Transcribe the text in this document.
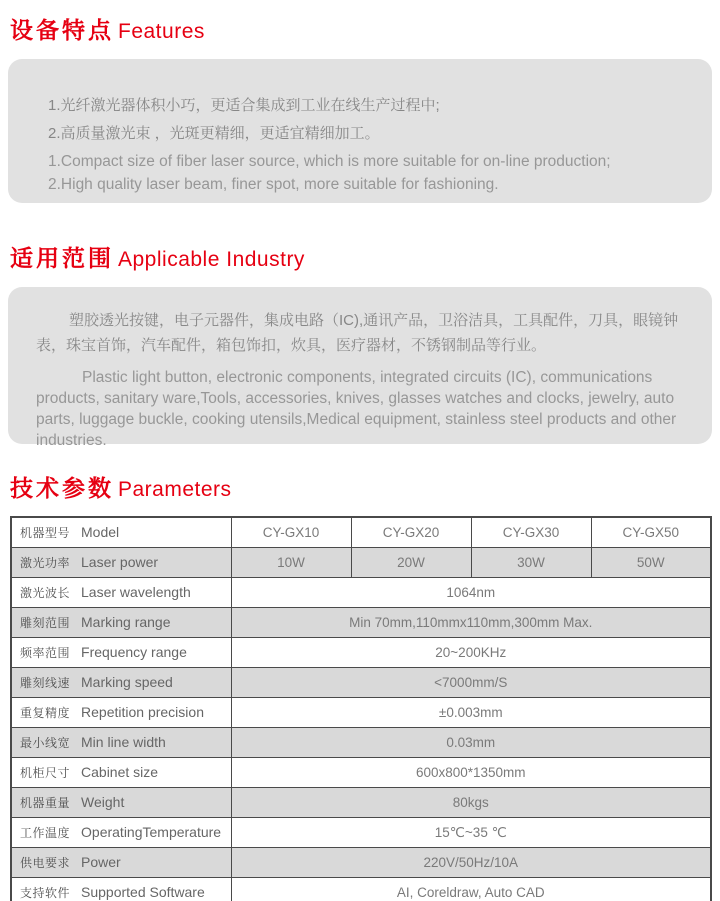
设备特点 Features

1.光纤激光器体积小巧，更适合集成到工业在线生产过程中;

2.高质量激光束 ，光斑更精细，更适宜精细加工。

1.Compact size of fiber laser source, which is more suitable for on-line production;

2.High quality laser beam, finer spot, more suitable for fashioning.

适用范围 Applicable Industry

塑胶透光按键，电子元器件，集成电路（IC),通讯产品，卫浴洁具，工具配件，刀具，眼镜钟表，珠宝首饰，汽车配件，箱包饰扣，炊具，医疗器材，不锈钢制品等行业。

Plastic light button, electronic components, integrated circuits (IC), communications products, sanitary ware,Tools, accessories, knives, glasses watches and clocks, jewelry, auto parts, luggage buckle, cooking utensils,Medical equipment, stainless steel products and other industries.

技术参数 Parameters
机器型号 Model	CY-GX10	CY-GX20	CY-GX30	CY-GX50
激光功率 Laser power	10W	20W	30W	50W
激光波长 Laser wavelength	1064nm			
雕刻范围 Marking range	Min 70mm,110mmx110mm,300mm Max.			
频率范围 Frequency range	20~200KHz			
雕刻线速 Marking speed	<7000mm/S			
重复精度 Repetition precision	±0.003mm			
最小线宽 Min line width	0.03mm			
机柜尺寸 Cabinet size	600x800*1350mm			
机器重量 Weight	80kgs			
工作温度 OperatingTemperature	15℃~35 ℃			
供电要求 Power	220V/50Hz/10A			
支持软件 Supported Software	AI, Coreldraw, Auto CAD			
